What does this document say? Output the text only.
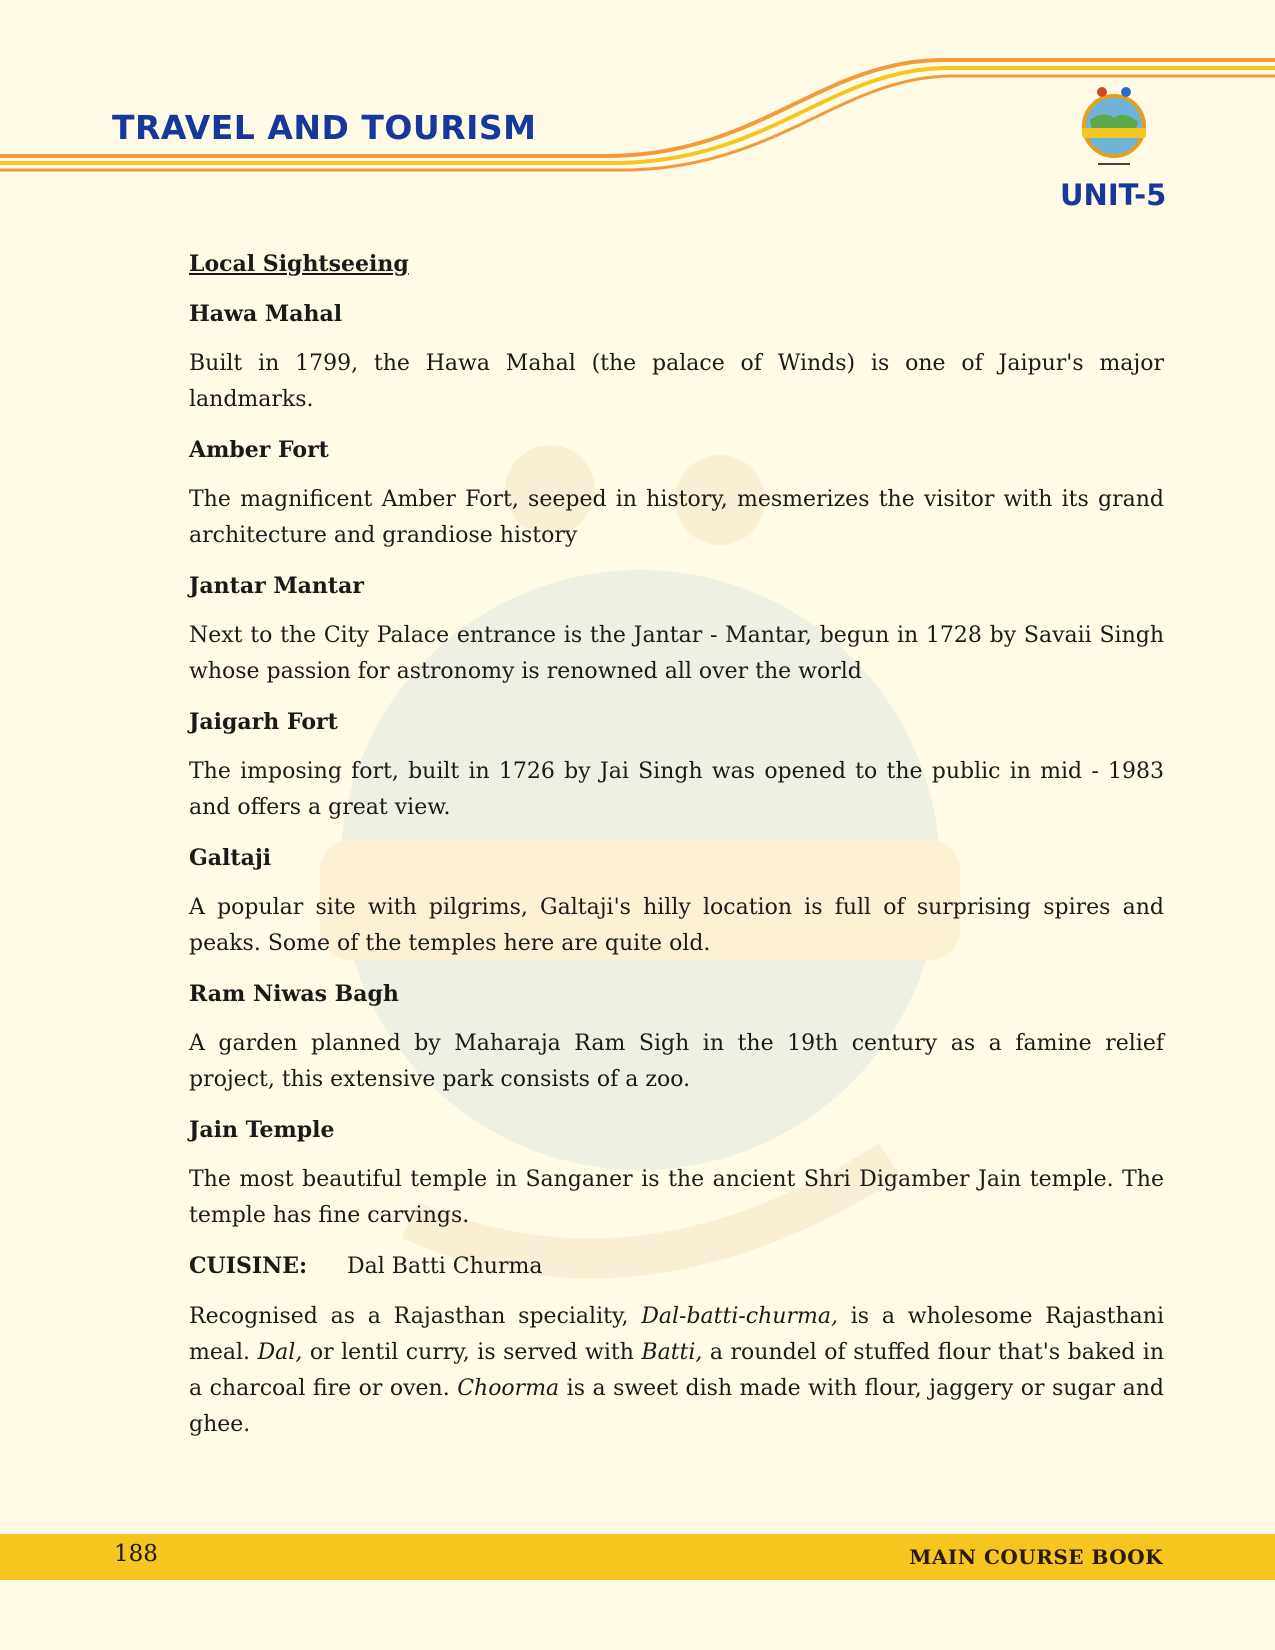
TRAVEL AND TOURISM
UNIT-5
Local Sightseeing
Hawa Mahal

Built in 1799, the Hawa Mahal (the palace of Winds) is one of Jaipur's major landmarks.

Amber Fort

The magnificent Amber Fort, seeped in history, mesmerizes the visitor with its grand architecture and grandiose history

Jantar Mantar

Next to the City Palace entrance is the Jantar - Mantar, begun in 1728 by Savaii Singh whose passion for astronomy is renowned all over the world

Jaigarh Fort

The imposing fort, built in 1726 by Jai Singh was opened to the public in mid - 1983 and offers a great view.

Galtaji

A popular site with pilgrims, Galtaji's hilly location is full of surprising spires and peaks. Some of the temples here are quite old.

Ram Niwas Bagh

A garden planned by Maharaja Ram Sigh in the 19th century as a famine relief project, this extensive park consists of a zoo.

Jain Temple

The most beautiful temple in Sanganer is the ancient Shri Digamber Jain temple. The temple has fine carvings.

CUISINE: Dal Batti Churma

Recognised as a Rajasthan speciality, Dal-batti-churma, is a wholesome Rajasthani meal. Dal, or lentil curry, is served with Batti, a roundel of stuffed flour that's baked in a charcoal fire or oven. Choorma is a sweet dish made with flour, jaggery or sugar and ghee.

188	MAIN COURSE BOOK
